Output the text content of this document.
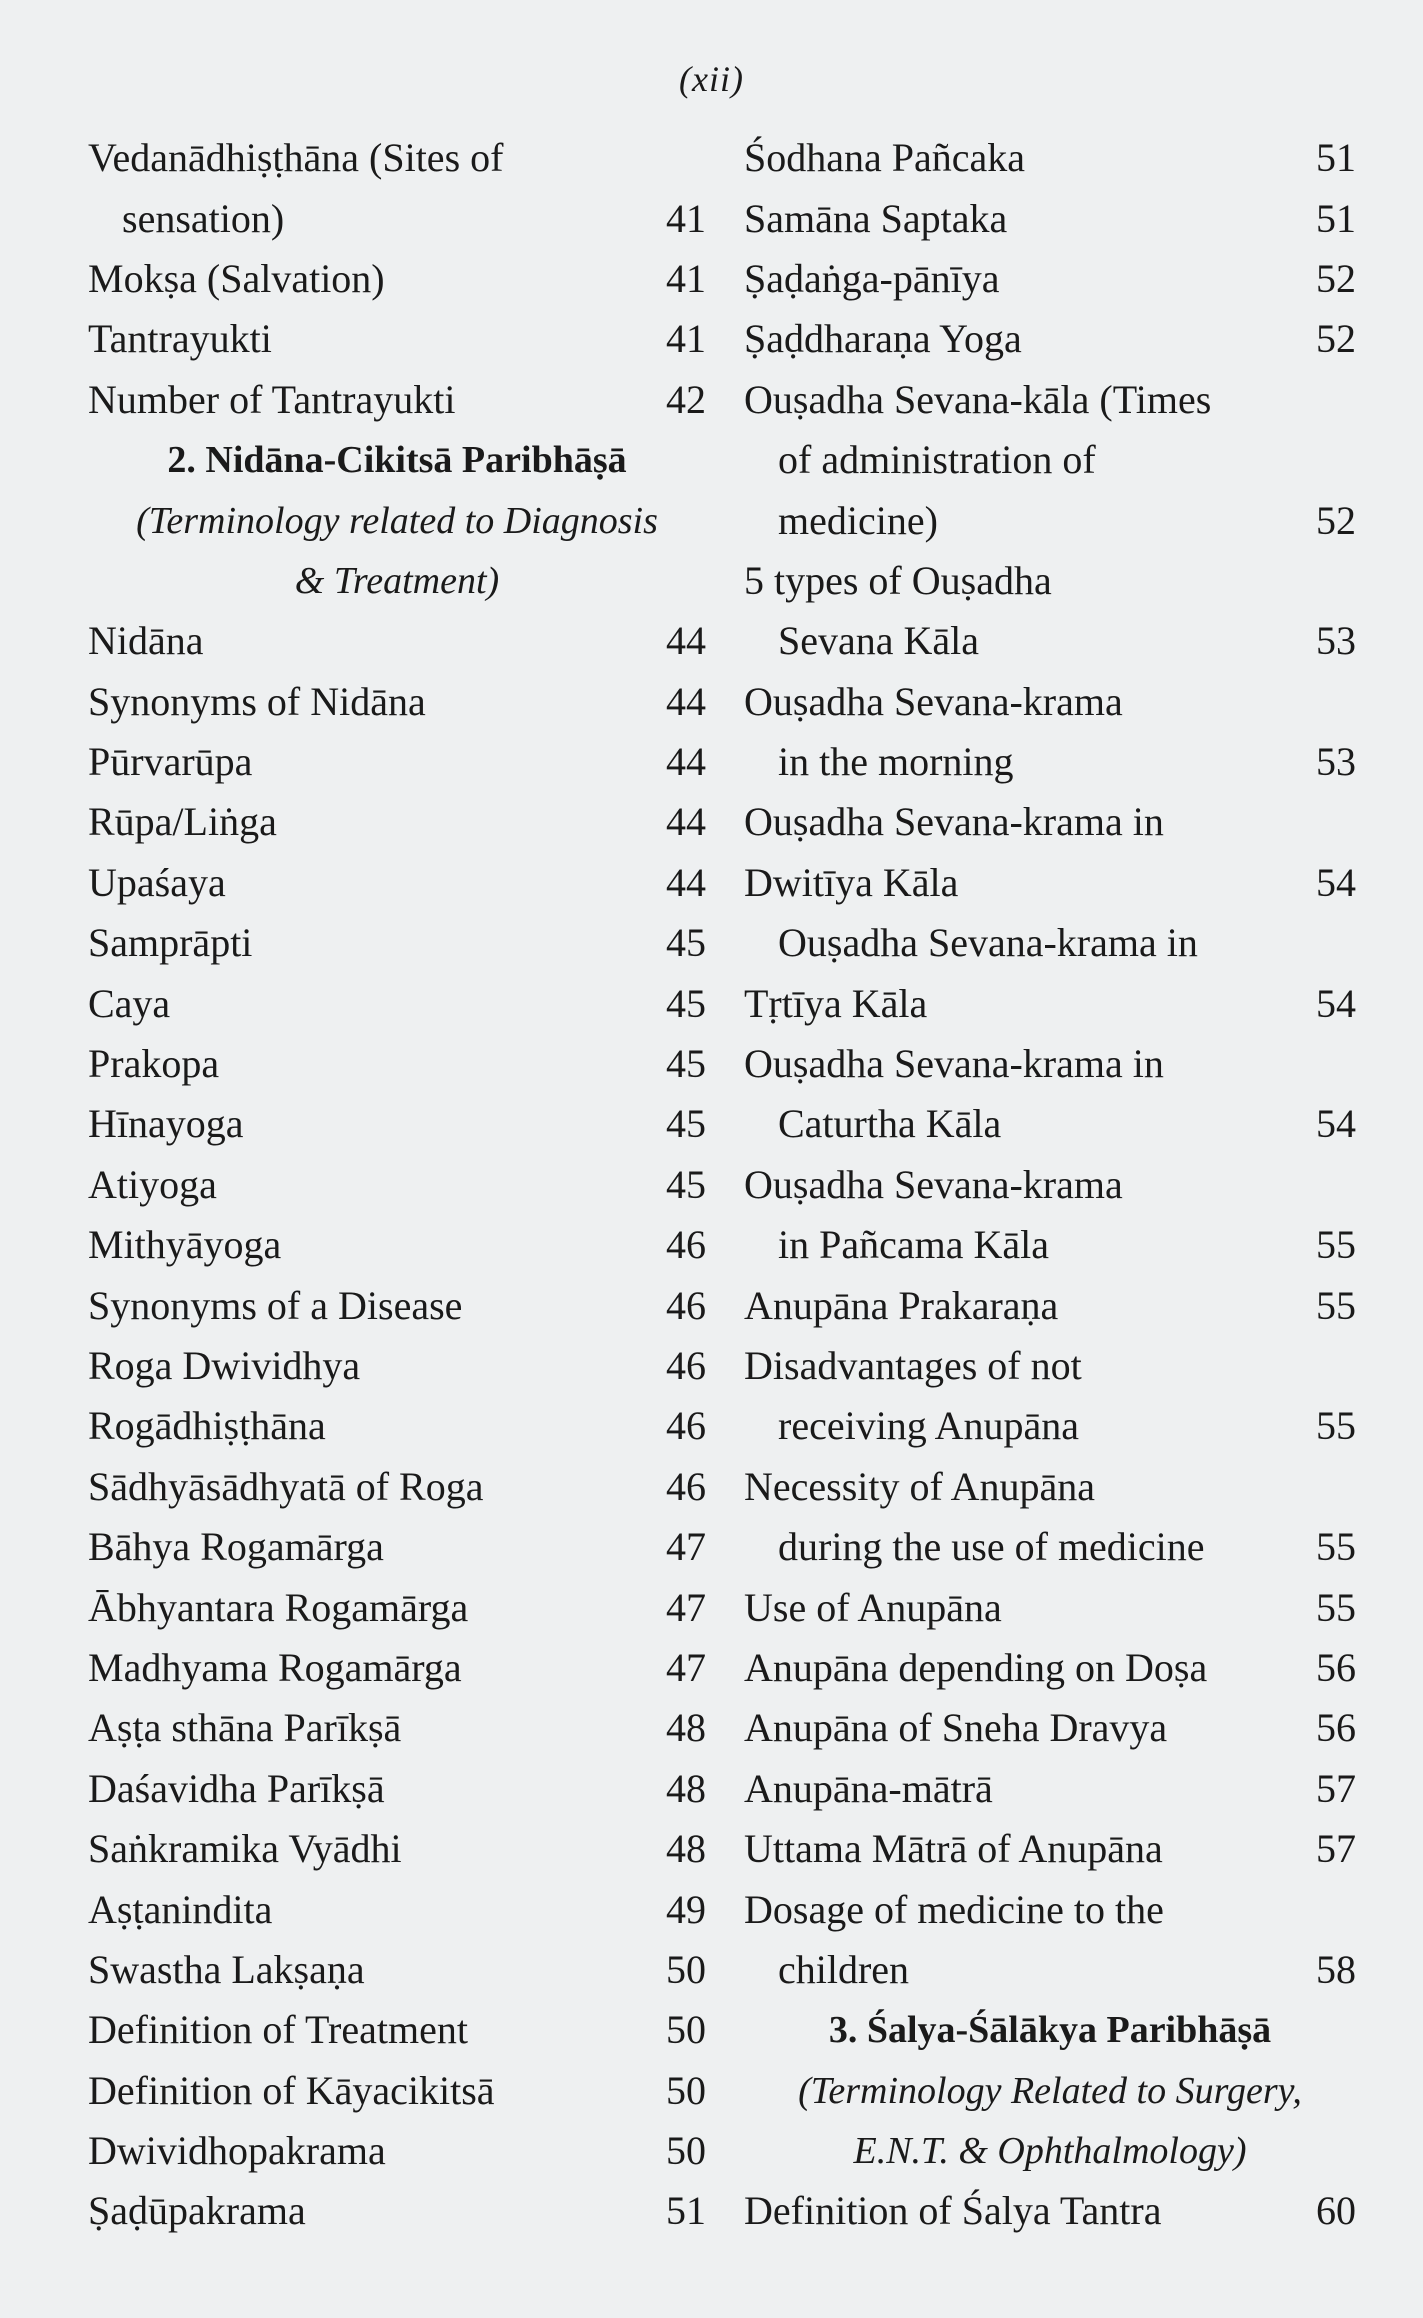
(xii)
Vedanādhiṣṭhāna (Sites of
sensation)	41
Mokṣa (Salvation)	41
Tantrayukti	41
Number of Tantrayukti	42
2. Nidāna-Cikitsā Paribhāṣā
(Terminology related to Diagnosis
& Treatment)
Nidāna	44
Synonyms of Nidāna	44
Pūrvarūpa	44
Rūpa/Liṅga	44
Upaśaya	44
Samprāpti	45
Caya	45
Prakopa	45
Hīnayoga	45
Atiyoga	45
Mithyāyoga	46
Synonyms of a Disease	46
Roga Dwividhya	46
Rogādhiṣṭhāna	46
Sādhyāsādhyatā of Roga	46
Bāhya Rogamārga	47
Ābhyantara Rogamārga	47
Madhyama Rogamārga	47
Aṣṭa sthāna Parīkṣā	48
Daśavidha Parīkṣā	48
Saṅkramika Vyādhi	48
Aṣṭanindita	49
Swastha Lakṣaṇa	50
Definition of Treatment	50
Definition of Kāyacikitsā	50
Dwividhopakrama	50
Ṣaḍūpakrama	51
Śodhana Pañcaka	51
Samāna Saptaka	51
Ṣaḍaṅga-pānīya	52
Ṣaḍdharaṇa Yoga	52
Ouṣadha Sevana-kāla (Times
of administration of
medicine)	52
5 types of Ouṣadha
Sevana Kāla	53
Ouṣadha Sevana-krama
in the morning	53
Ouṣadha Sevana-krama in
Dwitīya Kāla	54
Ouṣadha Sevana-krama in
Tṛtīya Kāla	54
Ouṣadha Sevana-krama in
Caturtha Kāla	54
Ouṣadha Sevana-krama
in Pañcama Kāla	55
Anupāna Prakaraṇa	55
Disadvantages of not
receiving Anupāna	55
Necessity of Anupāna
during the use of medicine	55
Use of Anupāna	55
Anupāna depending on Doṣa	56
Anupāna of Sneha Dravya	56
Anupāna-mātrā	57
Uttama Mātrā of Anupāna	57
Dosage of medicine to the
children	58
3. Śalya-Śālākya Paribhāṣā
(Terminology Related to Surgery,
E.N.T. & Ophthalmology)
Definition of Śalya Tantra	60
